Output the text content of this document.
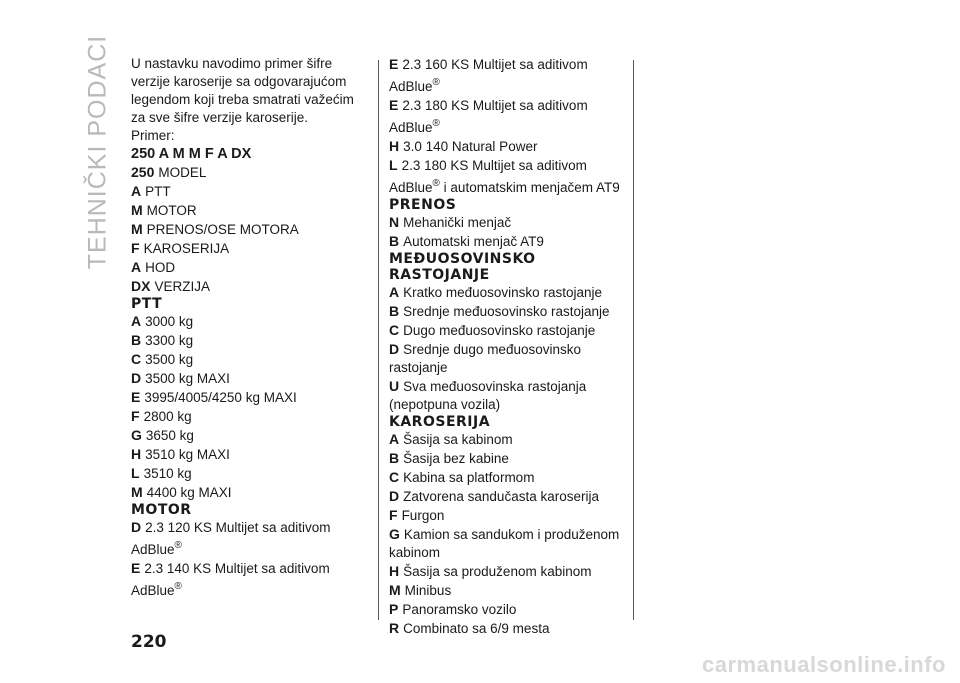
TEHNIČKI PODACI U nastavku navodimo primer šifre

verzije karoserije sa odgovarajućom

legendom koji treba smatrati važećim

za sve šifre verzije karoserije.

Primer:

250 A M M F A DX

250 MODEL
A PTT
M MOTOR
M PRENOS/OSE MOTORA
F KAROSERIJA
A HOD
DX VERZIJA

PTT

A 3000 kg
B 3300 kg
C 3500 kg
D 3500 kg MAXI
E 3995/4005/4250 kg MAXI
F 2800 kg
G 3650 kg
H 3510 kg MAXI
L 3510 kg
M 4400 kg MAXI

MOTOR

D 2.3 120 KS Multijet sa aditivom

AdBlue®

E 2.3 140 KS Multijet sa aditivom

AdBlue®

E 2.3 160 KS Multijet sa aditivom

AdBlue®

E 2.3 180 KS Multijet sa aditivom

AdBlue®

H 3.0 140 Natural Power
L 2.3 180 KS Multijet sa aditivom

AdBlue® i automatskim menjačem AT9

PRENOS

N Mehanički menjač
B Automatski menjač AT9

MEĐUOSOVINSKO

RASTOJANJE

A Kratko međuosovinsko rastojanje
B Srednje međuosovinsko rastojanje
C Dugo međuosovinsko rastojanje
D Srednje dugo međuosovinsko

rastojanje

U Sva međuosovinska rastojanja

(nepotpuna vozila)

KAROSERIJA

A Šasija sa kabinom
B Šasija bez kabine
C Kabina sa platformom
D Zatvorena sandučasta karoserija
F Furgon
G Kamion sa sandukom i produženom

kabinom

H Šasija sa produženom kabinom
M Minibus
P Panoramsko vozilo
R Combinato sa 6/9 mesta
220
carmanualsonline.info
